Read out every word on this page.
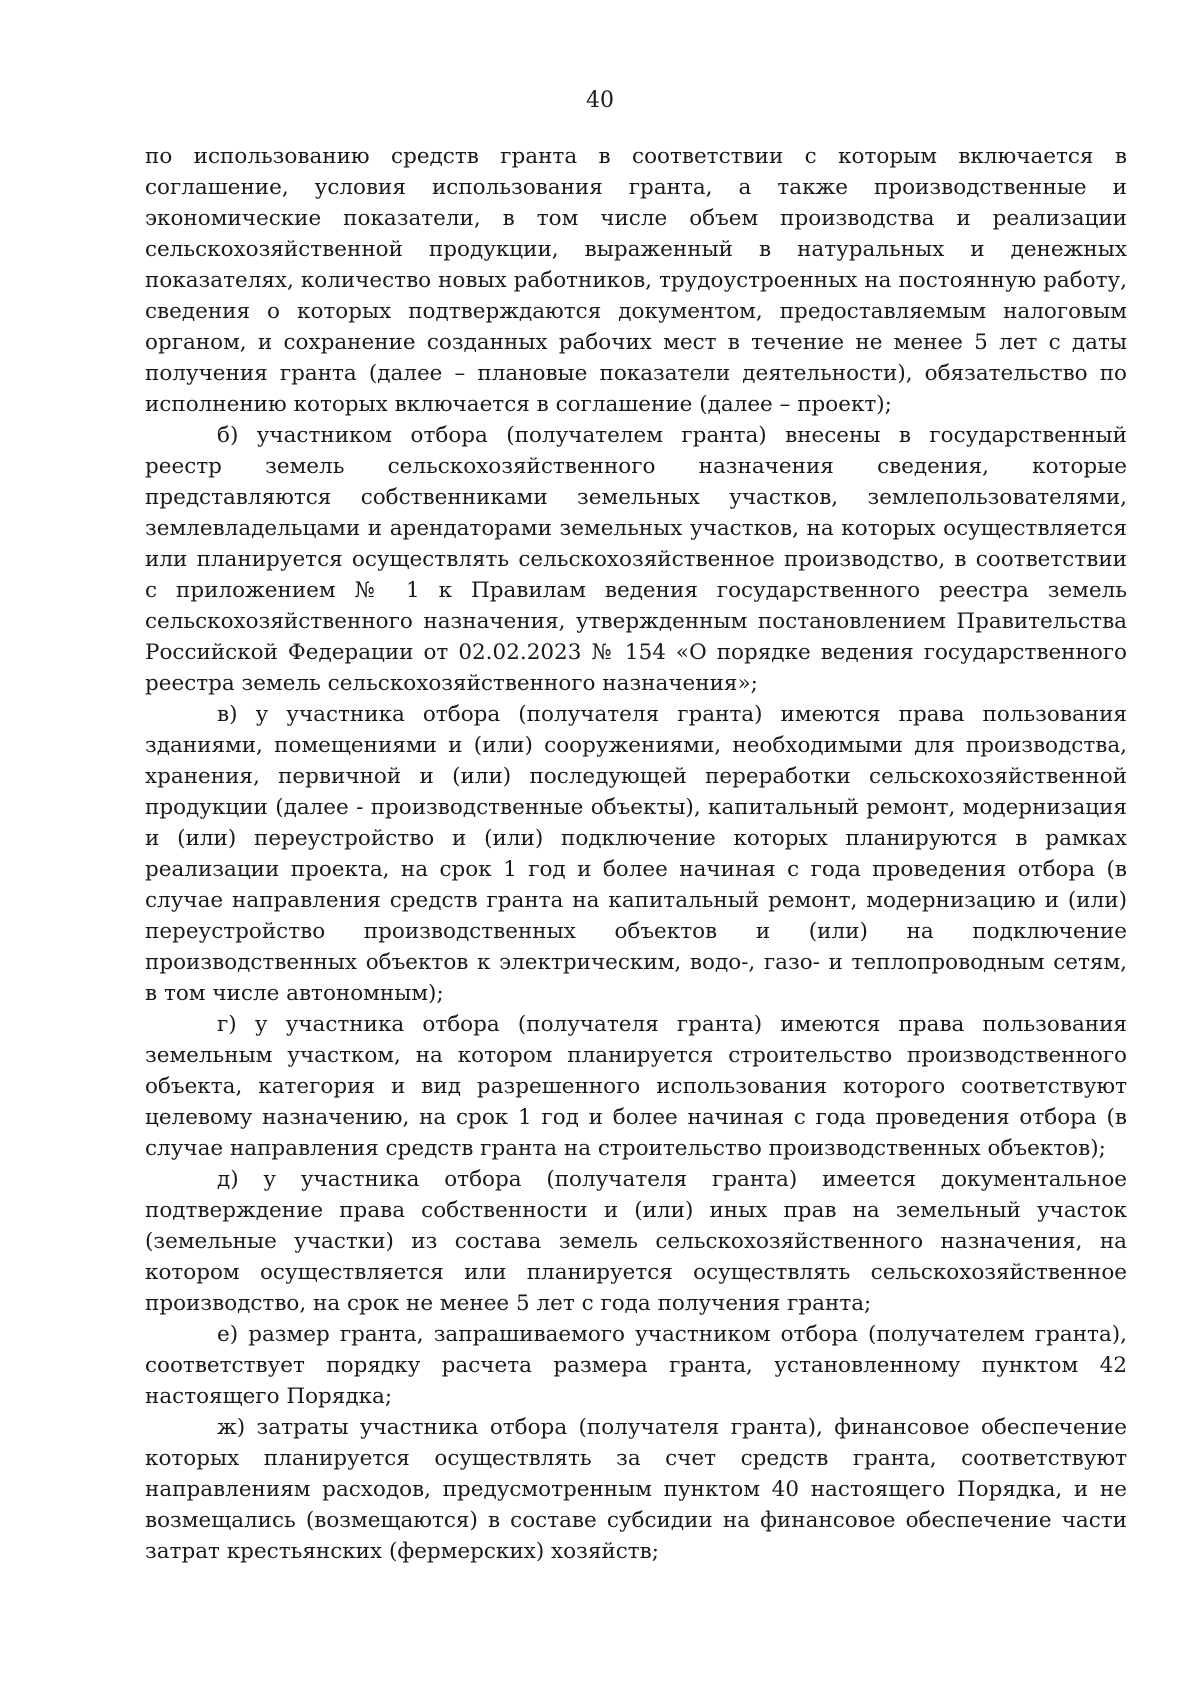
40

по использованию средств гранта в соответствии с которым включается в соглашение, условия использования гранта, а также производственные и экономические показатели, в том числе объем производства и реализации сельскохозяйственной продукции, выраженный в натуральных и денежных показателях, количество новых работников, трудоустроенных на постоянную работу, сведения о которых подтверждаются документом, предоставляемым налоговым органом, и сохранение созданных рабочих мест в течение не менее 5 лет с даты получения гранта (далее – плановые показатели деятельности), обязательство по исполнению которых включается в соглашение (далее – проект);

б) участником отбора (получателем гранта) внесены в государственный реестр земель сельскохозяйственного назначения сведения, которые представляются собственниками земельных участков, землепользователями, землевладельцами и арендаторами земельных участков, на которых осуществляется или планируется осуществлять сельскохозяйственное производство, в соответствии с приложением № 1 к Правилам ведения государственного реестра земель сельскохозяйственного назначения, утвержденным постановлением Правительства Российской Федерации от 02.02.2023 № 154 «О порядке ведения государственного реестра земель сельскохозяйственного назначения»;

в) у участника отбора (получателя гранта) имеются права пользования зданиями, помещениями и (или) сооружениями, необходимыми для производства, хранения, первичной и (или) последующей переработки сельскохозяйственной продукции (далее - производственные объекты), капитальный ремонт, модернизация и (или) переустройство и (или) подключение которых планируются в рамках реализации проекта, на срок 1 год и более начиная с года проведения отбора (в случае направления средств гранта на капитальный ремонт, модернизацию и (или) переустройство производственных объектов и (или) на подключение производственных объектов к электрическим, водо-, газо- и теплопроводным сетям, в том числе автономным);

г) у участника отбора (получателя гранта) имеются права пользования земельным участком, на котором планируется строительство производственного объекта, категория и вид разрешенного использования которого соответствуют целевому назначению, на срок 1 год и более начиная с года проведения отбора (в случае направления средств гранта на строительство производственных объектов);

д) у участника отбора (получателя гранта) имеется документальное подтверждение права собственности и (или) иных прав на земельный участок (земельные участки) из состава земель сельскохозяйственного назначения, на котором осуществляется или планируется осуществлять сельскохозяйственное производство, на срок не менее 5 лет с года получения гранта;

е) размер гранта, запрашиваемого участником отбора (получателем гранта), соответствует порядку расчета размера гранта, установленному пунктом 42 настоящего Порядка;

ж) затраты участника отбора (получателя гранта), финансовое обеспечение которых планируется осуществлять за счет средств гранта, соответствуют направлениям расходов, предусмотренным пунктом 40 настоящего Порядка, и не возмещались (возмещаются) в составе субсидии на финансовое обеспечение части затрат крестьянских (фермерских) хозяйств;
